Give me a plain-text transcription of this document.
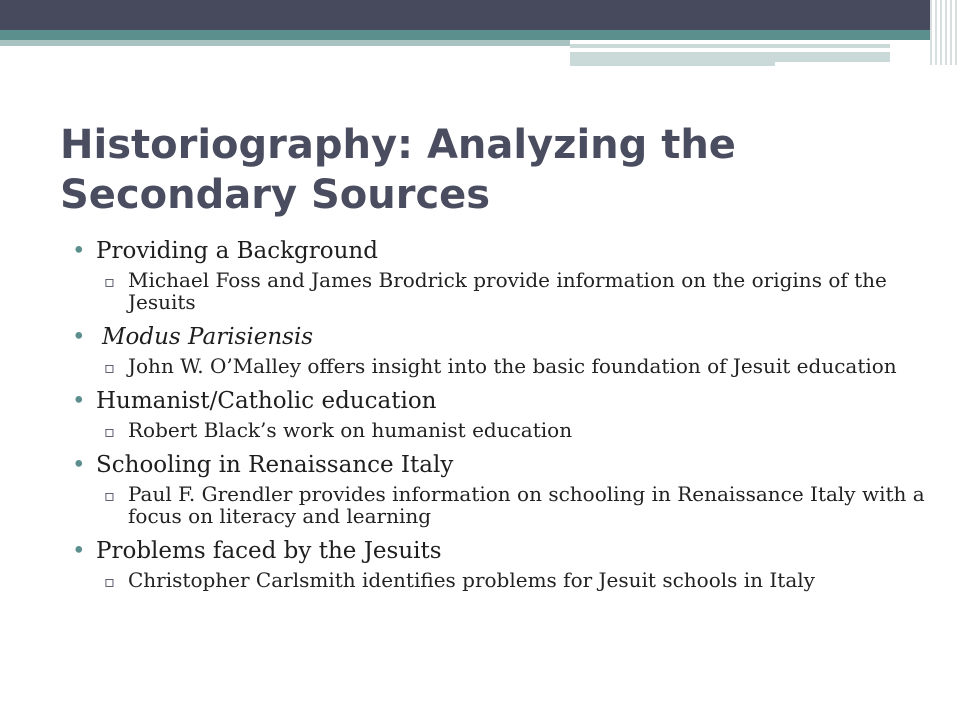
Historiography: Analyzing the Secondary Sources
• Providing a Background
▫ Michael Foss and James Brodrick provide information on the origins of the Jesuits
• Modus Parisiensis
▫ John W. O’Malley offers insight into the basic foundation of Jesuit education
• Humanist/Catholic education
▫ Robert Black’s work on humanist education
• Schooling in Renaissance Italy
▫ Paul F. Grendler provides information on schooling in Renaissance Italy with a focus on literacy and learning
• Problems faced by the Jesuits
▫ Christopher Carlsmith identifies problems for Jesuit schools in Italy
